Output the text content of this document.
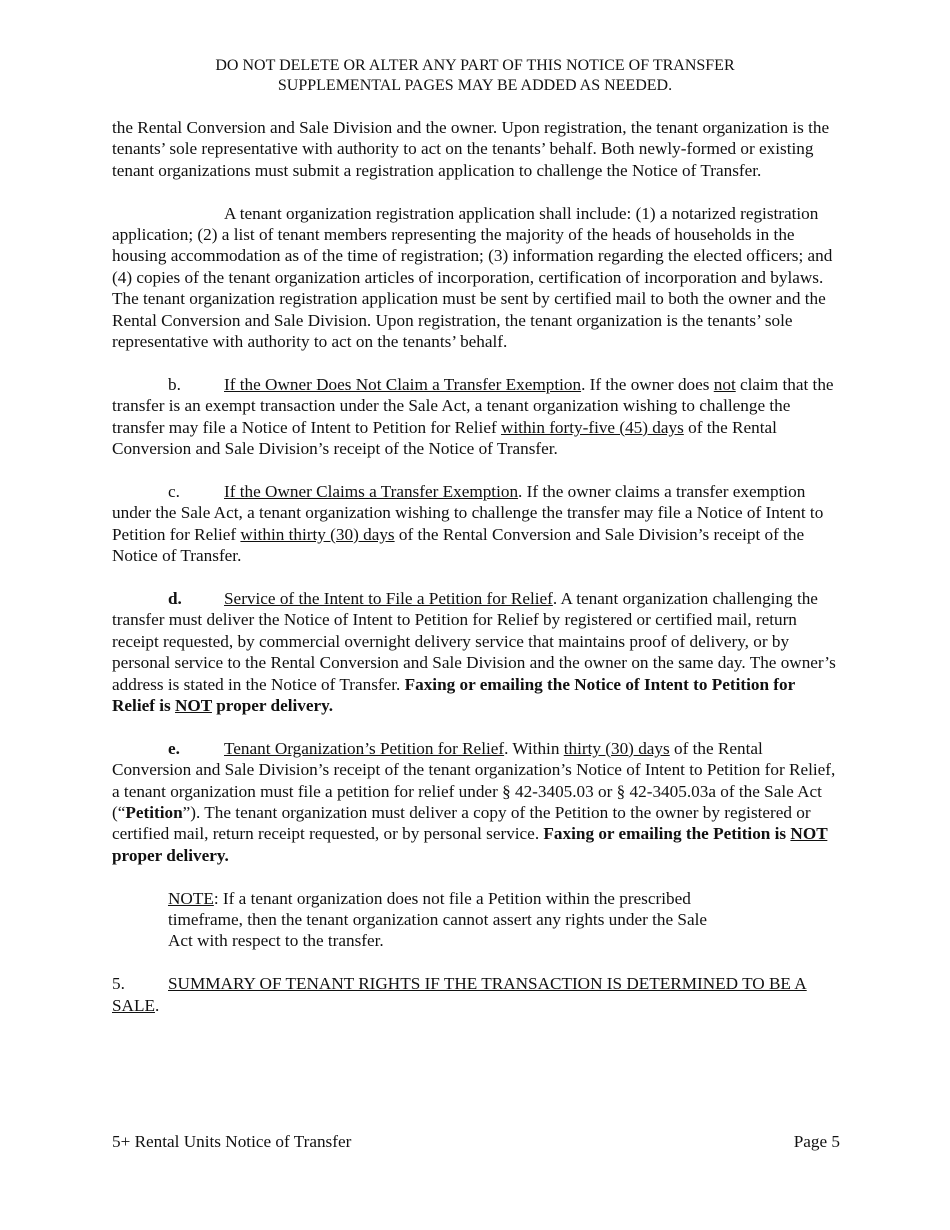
DO NOT DELETE OR ALTER ANY PART OF THIS NOTICE OF TRANSFER
SUPPLEMENTAL PAGES MAY BE ADDED AS NEEDED.

the Rental Conversion and Sale Division and the owner. Upon registration, the tenant organization is the tenants’ sole representative with authority to act on the tenants’ behalf. Both newly-formed or existing tenant organizations must submit a registration application to challenge the Notice of Transfer.

A tenant organization registration application shall include: (1) a notarized registration application; (2) a list of tenant members representing the majority of the heads of households in the housing accommodation as of the time of registration; (3) information regarding the elected officers; and (4) copies of the tenant organization articles of incorporation, certification of incorporation and bylaws. The tenant organization registration application must be sent by certified mail to both the owner and the Rental Conversion and Sale Division. Upon registration, the tenant organization is the tenants’ sole representative with authority to act on the tenants’ behalf.

b.	If the Owner Does Not Claim a Transfer Exemption. If the owner does not claim that the transfer is an exempt transaction under the Sale Act, a tenant organization wishing to challenge the transfer may file a Notice of Intent to Petition for Relief within forty-five (45) days of the Rental Conversion and Sale Division’s receipt of the Notice of Transfer.

c.	If the Owner Claims a Transfer Exemption. If the owner claims a transfer exemption under the Sale Act, a tenant organization wishing to challenge the transfer may file a Notice of Intent to Petition for Relief within thirty (30) days of the Rental Conversion and Sale Division’s receipt of the Notice of Transfer.

d. Service of the Intent to File a Petition for Relief. A tenant organization challenging the transfer must deliver the Notice of Intent to Petition for Relief by registered or certified mail, return receipt requested, by commercial overnight delivery service that maintains proof of delivery, or by personal service to the Rental Conversion and Sale Division and the owner on the same day. The owner’s address is stated in the Notice of Transfer. Faxing or emailing the Notice of Intent to Petition for Relief is NOT proper delivery.

e.	Tenant Organization’s Petition for Relief. Within thirty (30) days of the Rental Conversion and Sale Division’s receipt of the tenant organization’s Notice of Intent to Petition for Relief, a tenant organization must file a petition for relief under § 42-3405.03 or § 42-3405.03a of the Sale Act (“Petition”). The tenant organization must deliver a copy of the Petition to the owner by registered or certified mail, return receipt requested, or by personal service. Faxing or emailing the Petition is NOT proper delivery.

NOTE: If a tenant organization does not file a Petition within the prescribed timeframe, then the tenant organization cannot assert any rights under the Sale Act with respect to the transfer.

5.	SUMMARY OF TENANT RIGHTS IF THE TRANSACTION IS DETERMINED TO BE A SALE.

5+ Rental Units Notice of Transfer	Page 5
